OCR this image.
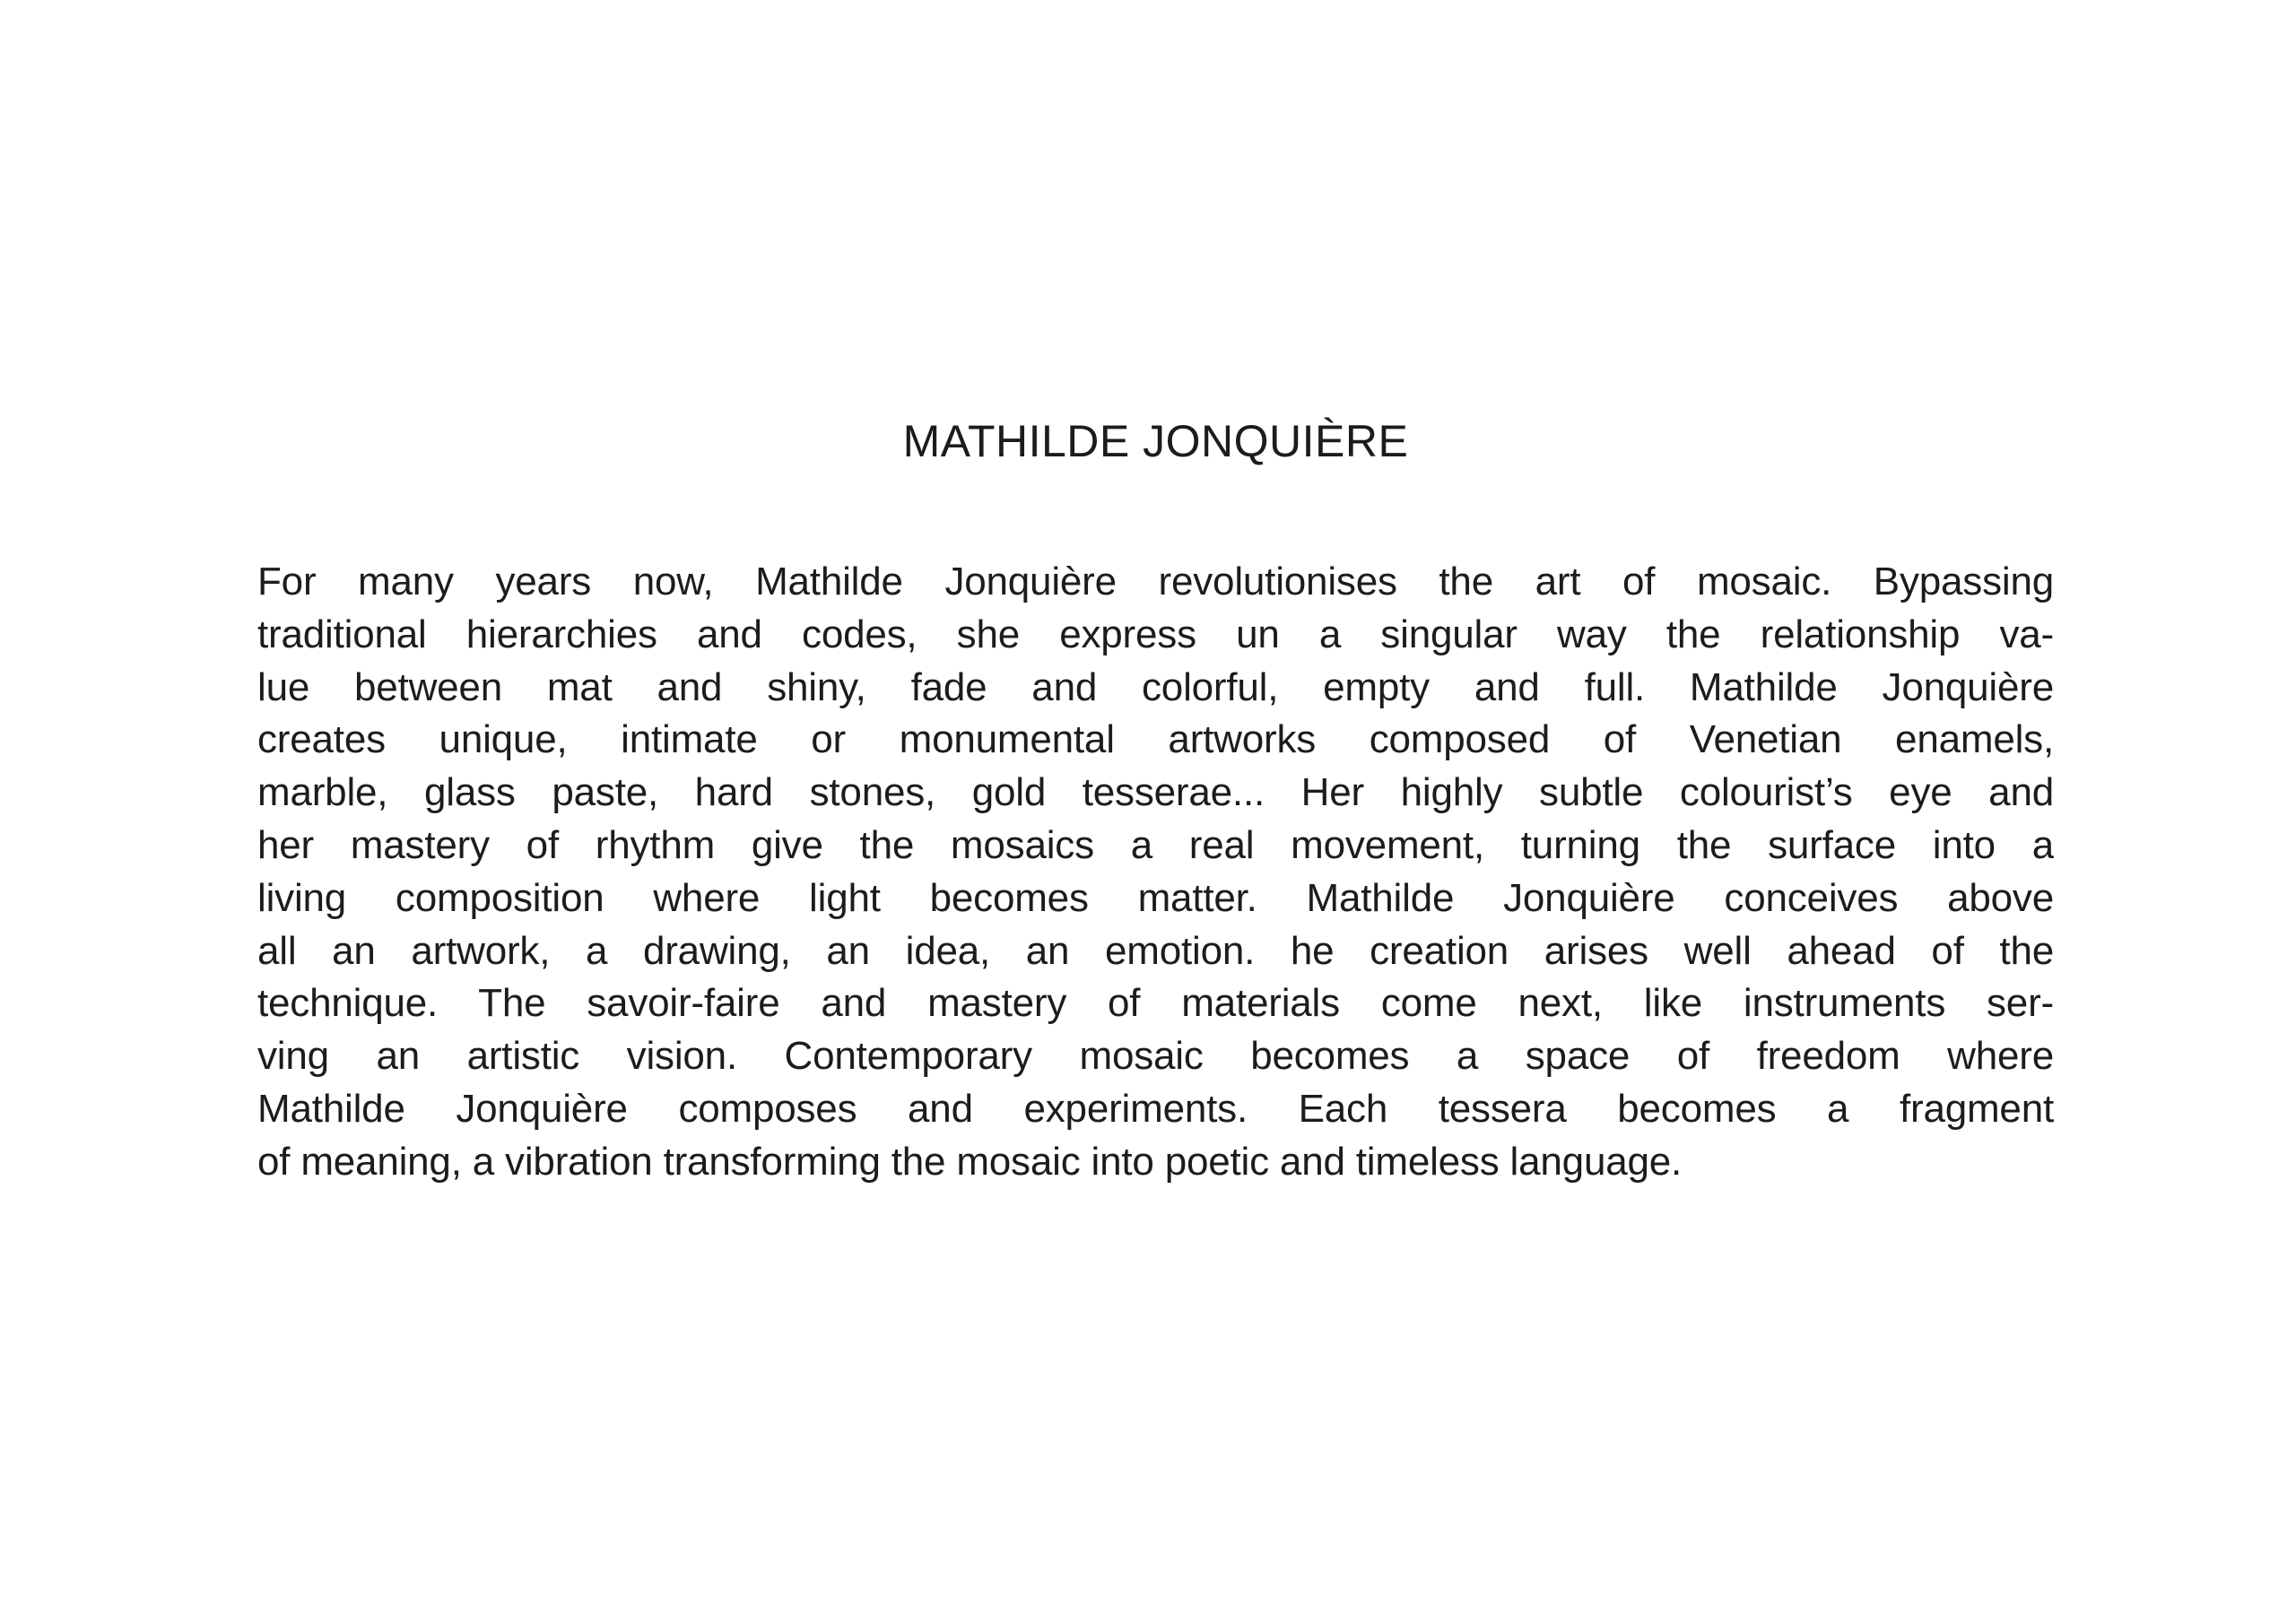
MATHILDE JONQUIÈRE
For many years now, Mathilde Jonquière revolutionises the art of mosaic. Bypassing
traditional hierarchies and codes, she express un a singular way the relationship va-
lue between mat and shiny, fade and colorful, empty and full. Mathilde Jonquière
creates unique, intimate or monumental artworks composed of Venetian enamels,
marble, glass paste, hard stones, gold tesserae... Her highly subtle colourist’s eye and
her mastery of rhythm give the mosaics a real movement, turning the surface into a
living composition where light becomes matter. Mathilde Jonquière conceives above
all an artwork, a drawing, an idea, an emotion. he creation arises well ahead of the
technique. The savoir-faire and mastery of materials come next, like instruments ser-
ving an artistic vision. Contemporary mosaic becomes a space of freedom where
Mathilde Jonquière composes and experiments. Each tessera becomes a fragment
of meaning, a vibration transforming the mosaic into poetic and timeless language.
